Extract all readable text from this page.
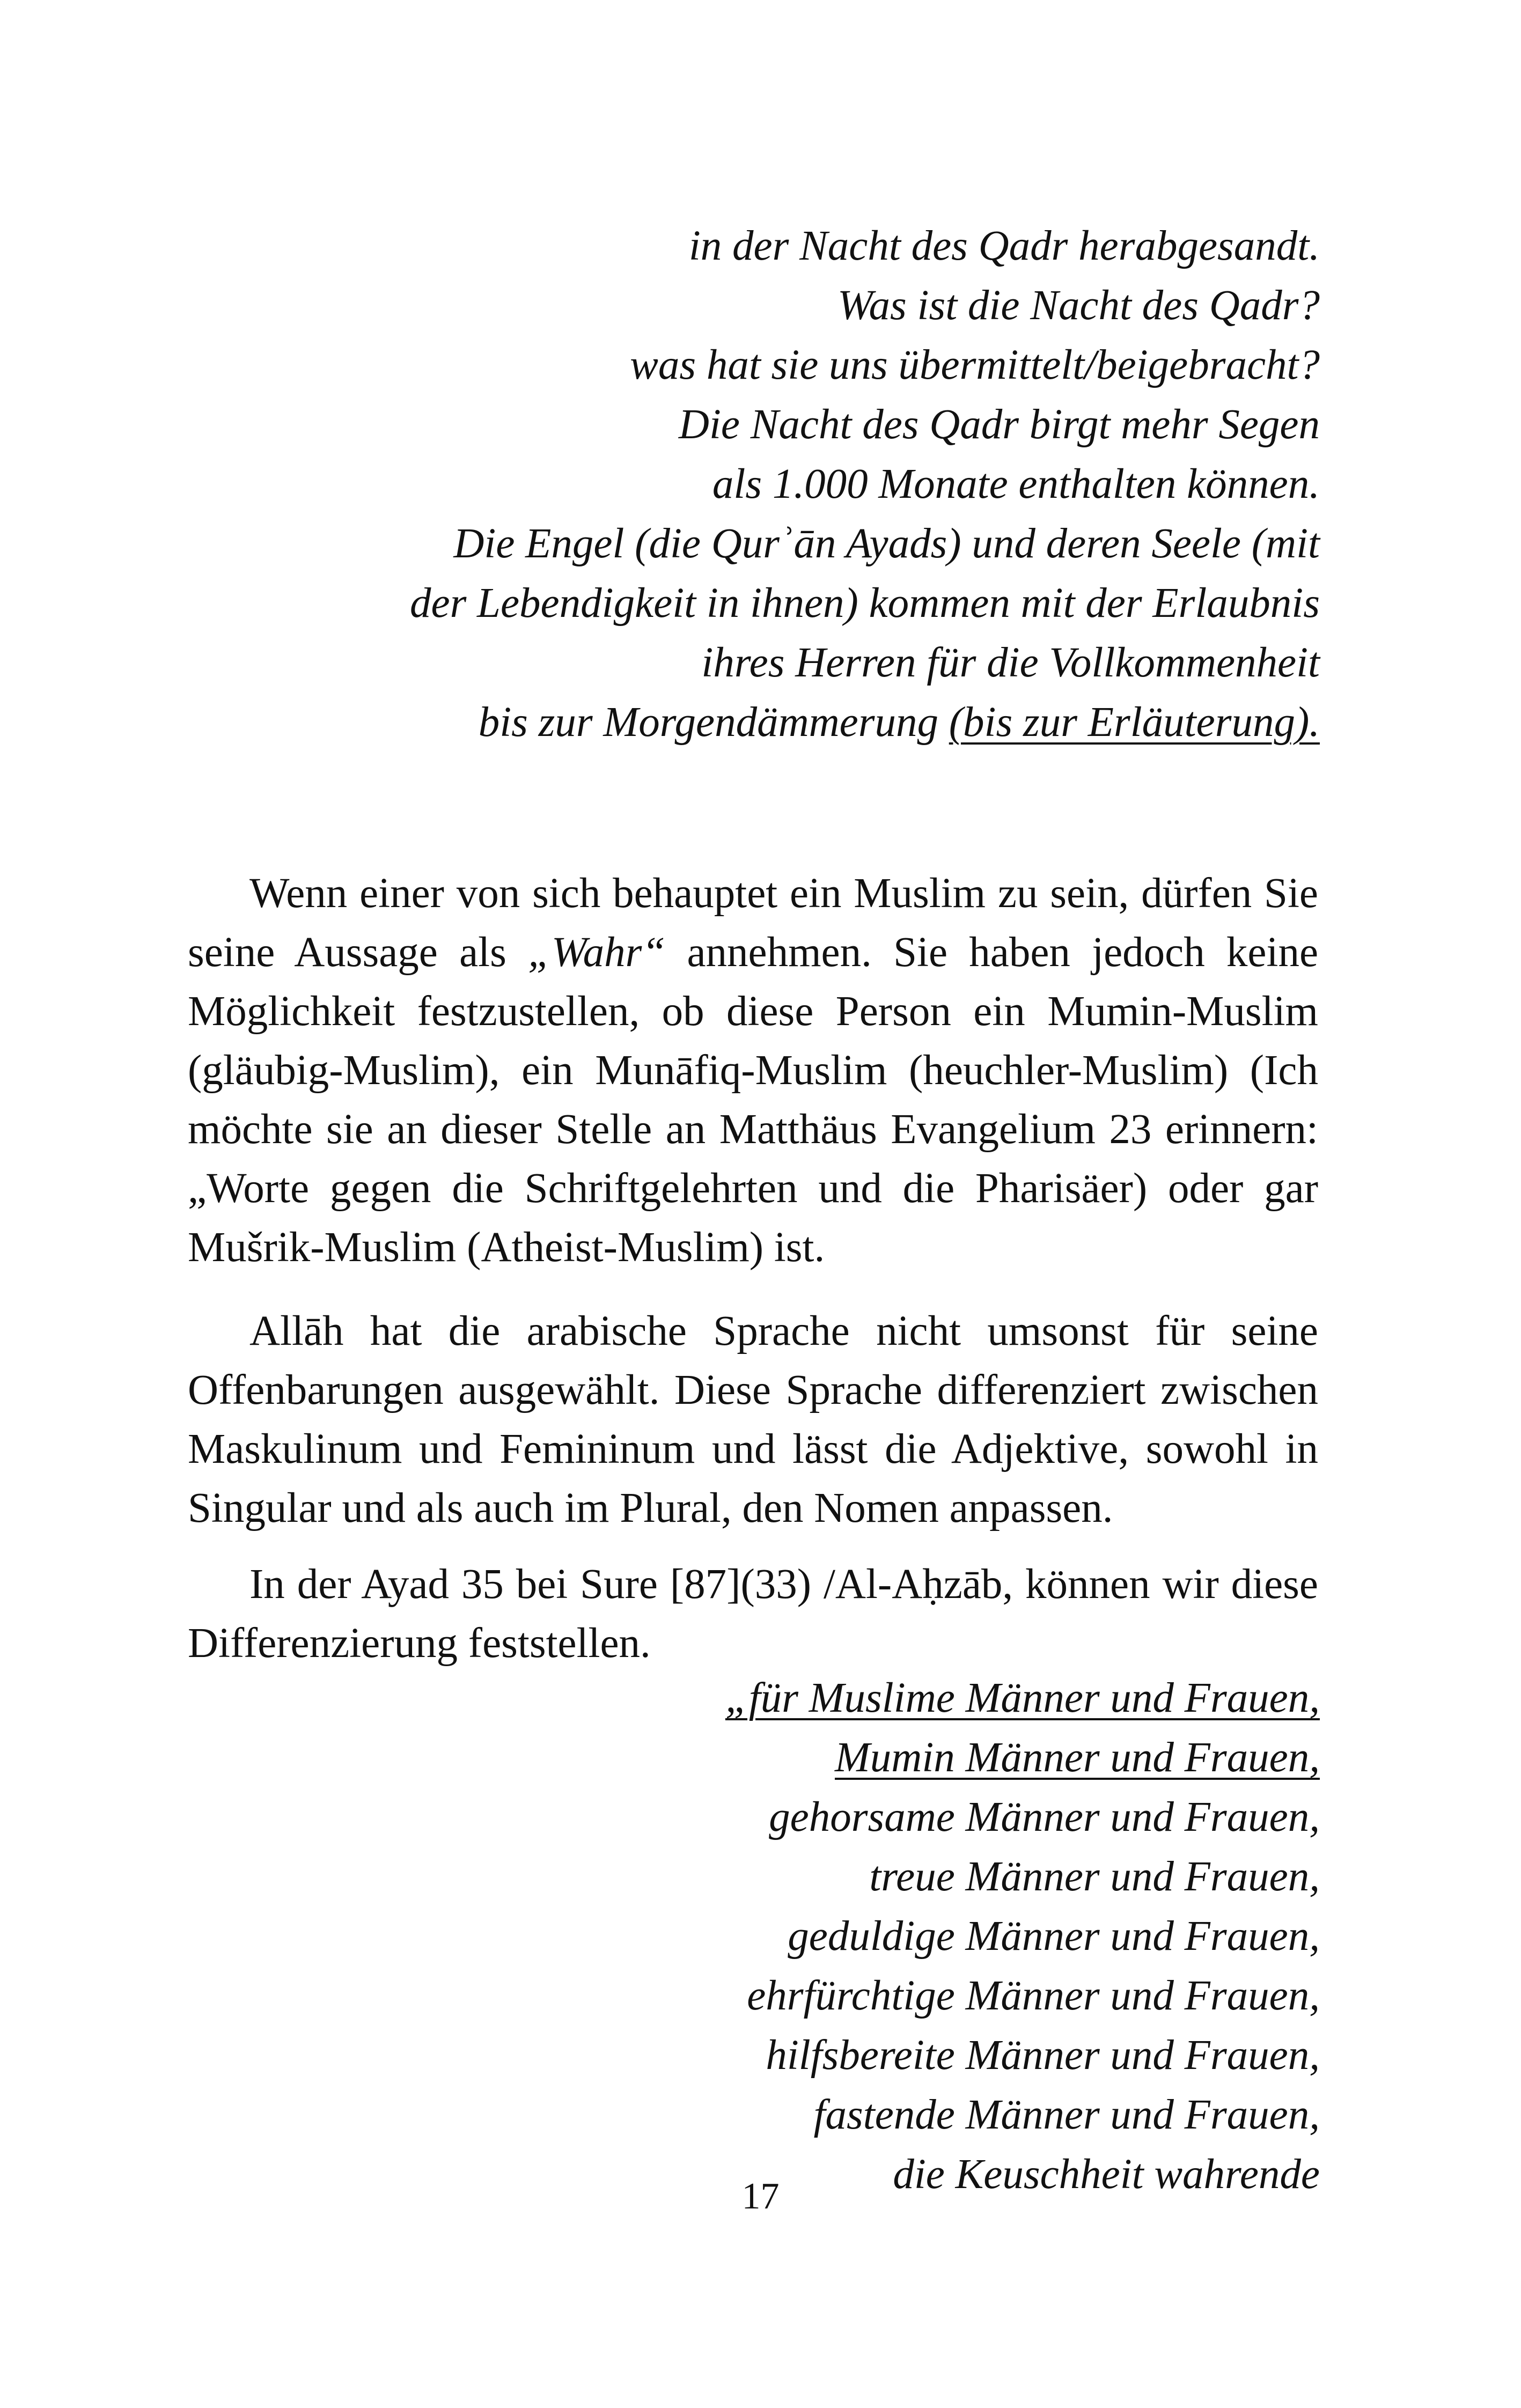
in der Nacht des Qadr herabgesandt.
Was ist die Nacht des Qadr?
was hat sie uns übermittelt/beigebracht?
Die Nacht des Qadr birgt mehr Segen
als 1.000 Monate enthalten können.
Die Engel (die Qurʾān Ayads) und deren Seele (mit
der Lebendigkeit in ihnen) kommen mit der Erlaubnis
ihres Herren für die Vollkommenheit
bis zur Morgendämmerung (bis zur Erläuterung).

Wenn einer von sich behauptet ein Muslim zu sein, dürfen Sie seine Aussage als „Wahr“ annehmen. Sie haben jedoch keine Möglichkeit festzustellen, ob diese Person ein Mumin-Muslim (gläubig-Muslim), ein Munāfiq-Muslim (heuchler-Muslim) (Ich möchte sie an dieser Stelle an Matthäus Evangelium 23 erinnern: „Worte gegen die Schriftgelehrten und die Pharisäer) oder gar Mušrik-Muslim (Atheist-Muslim) ist.

Allāh hat die arabische Sprache nicht umsonst für seine Offenbarungen ausgewählt. Diese Sprache differenziert zwischen Maskulinum und Femininum und lässt die Adjektive, sowohl in Singular und als auch im Plural, den Nomen anpassen.

In der Ayad 35 bei Sure [87](33) /Al-Aḥzāb, können wir diese Differenzierung feststellen.

„für Muslime Männer und Frauen,
Mumin Männer und Frauen,
gehorsame Männer und Frauen,
treue Männer und Frauen,
geduldige Männer und Frauen,
ehrfürchtige Männer und Frauen,
hilfsbereite Männer und Frauen,
fastende Männer und Frauen,
die Keuschheit wahrende
17
